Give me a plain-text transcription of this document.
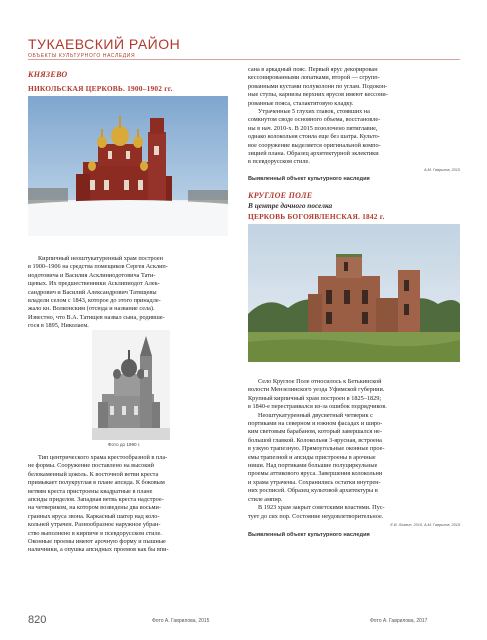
ТУКАЕВСКИЙ РАЙОН
ОБЪЕКТЫ КУЛЬТУРНОГО НАСЛЕДИЯ
КНЯЗЕВО
НИКОЛЬСКАЯ ЦЕРКОВЬ. 1900–1902 гг.

Кирпичный неоштукатуренный храм построен

в 1900–1906 на средства помещиков Сергея Асклип-

иодотовича и Василия Асклиниодотовича Тати-

щевых. Их предшественники Асклипиодот Алек-

сандрович и Василий Александрович Татищевы

владели селом с 1843, которое до этого принадле-

жало кн. Волконским (отсюда и название села).

Известно, что В.А. Татищев назвал сына, родивше-

гося в 1895, Николаем.

Фото до 1990 г.

Тип центрического храма крестообразной в пла-

не формы. Сооружение поставлено на высокий

белокаменный цоколь. К восточной ветви креста

примыкает полукруглая в плане апсида. К боковым

ветвям креста пристроены квадратные в плане

апсиды приделов. Западная ветвь креста надстрое-

на четвериком, на котором возведены два восьми-

гранных яруса звона. Каркасный шатер над коло-

кольней утрачен. Разнообразное наружное убран-

ство выполнено в кирпиче в псевдорусском стиле.

Оконные проемы имеют арочную форму и пышные

наличники, а опушка апсидных проемов как бы впи-

820	Фото А. Гаврилова, 2015

сана в аркадный пояс. Первый ярус декорирован

кессонированными лопатками, второй — сгрупп-

рованными кустами полуколонн по углам. Подокон-

ные ступы, карнизы верхних ярусов имеют кессони-

рованные пояса, сталактитовую кладку.

Утраченные 5 глухих главок, стоявших на

сомкнутом своде основного объема, восстановле-

ны в нач. 2010-х. В 2015 позолочено пятиглавие,

однако колокольня стоила еще без шатра. Культо-

вое сооружение выделяется оригинальной компо-

зицией плана. Образец архитектурной эклектики

в псевдорусском стиле.

А.М. Гаврилов, 2015
Выявленный объект культурного наследия
КРУГЛОЕ ПОЛЕ
В центре дачного поселка
ЦЕРКОВЬ БОГОЯВЛЕНСКАЯ. 1842 г.

Село Круглое Поле относилось к Бетькинской

волости Мензелинского уезда Уфимской губернии.

Крупный кирпичный храм построен в 1825–1829;

в 1840-е перестраивался из-за ошибок подрядчиков.

Неоштукатуренный двусветный четверик с

портиками на северном и южном фасадах и широ-

ким световым барабаном, который завершался не-

большой главкой. Колокольня 3-ярусная, встроена

в узкую трапезную. Прямоугольные оконные прое-

емы трапезной и апсиды пристроены в арочные

ниши. Над портиками большие полуциркульные

проемы аттикового яруса. Завершения колокольни

и храма утрачены. Сохранились остатки внутрен-

них росписей. Образец культовой архитектуры в

стиле ампир.

В 1923 храм закрыт советскими властями. Пус-

тует до сих пор. Состояние неудовлетворительное.

Е.В. Логвин, 2016, А.М. Гаврилов, 2019
Выявленный объект культурного наследия
Фото А. Гаврилова, 2017
